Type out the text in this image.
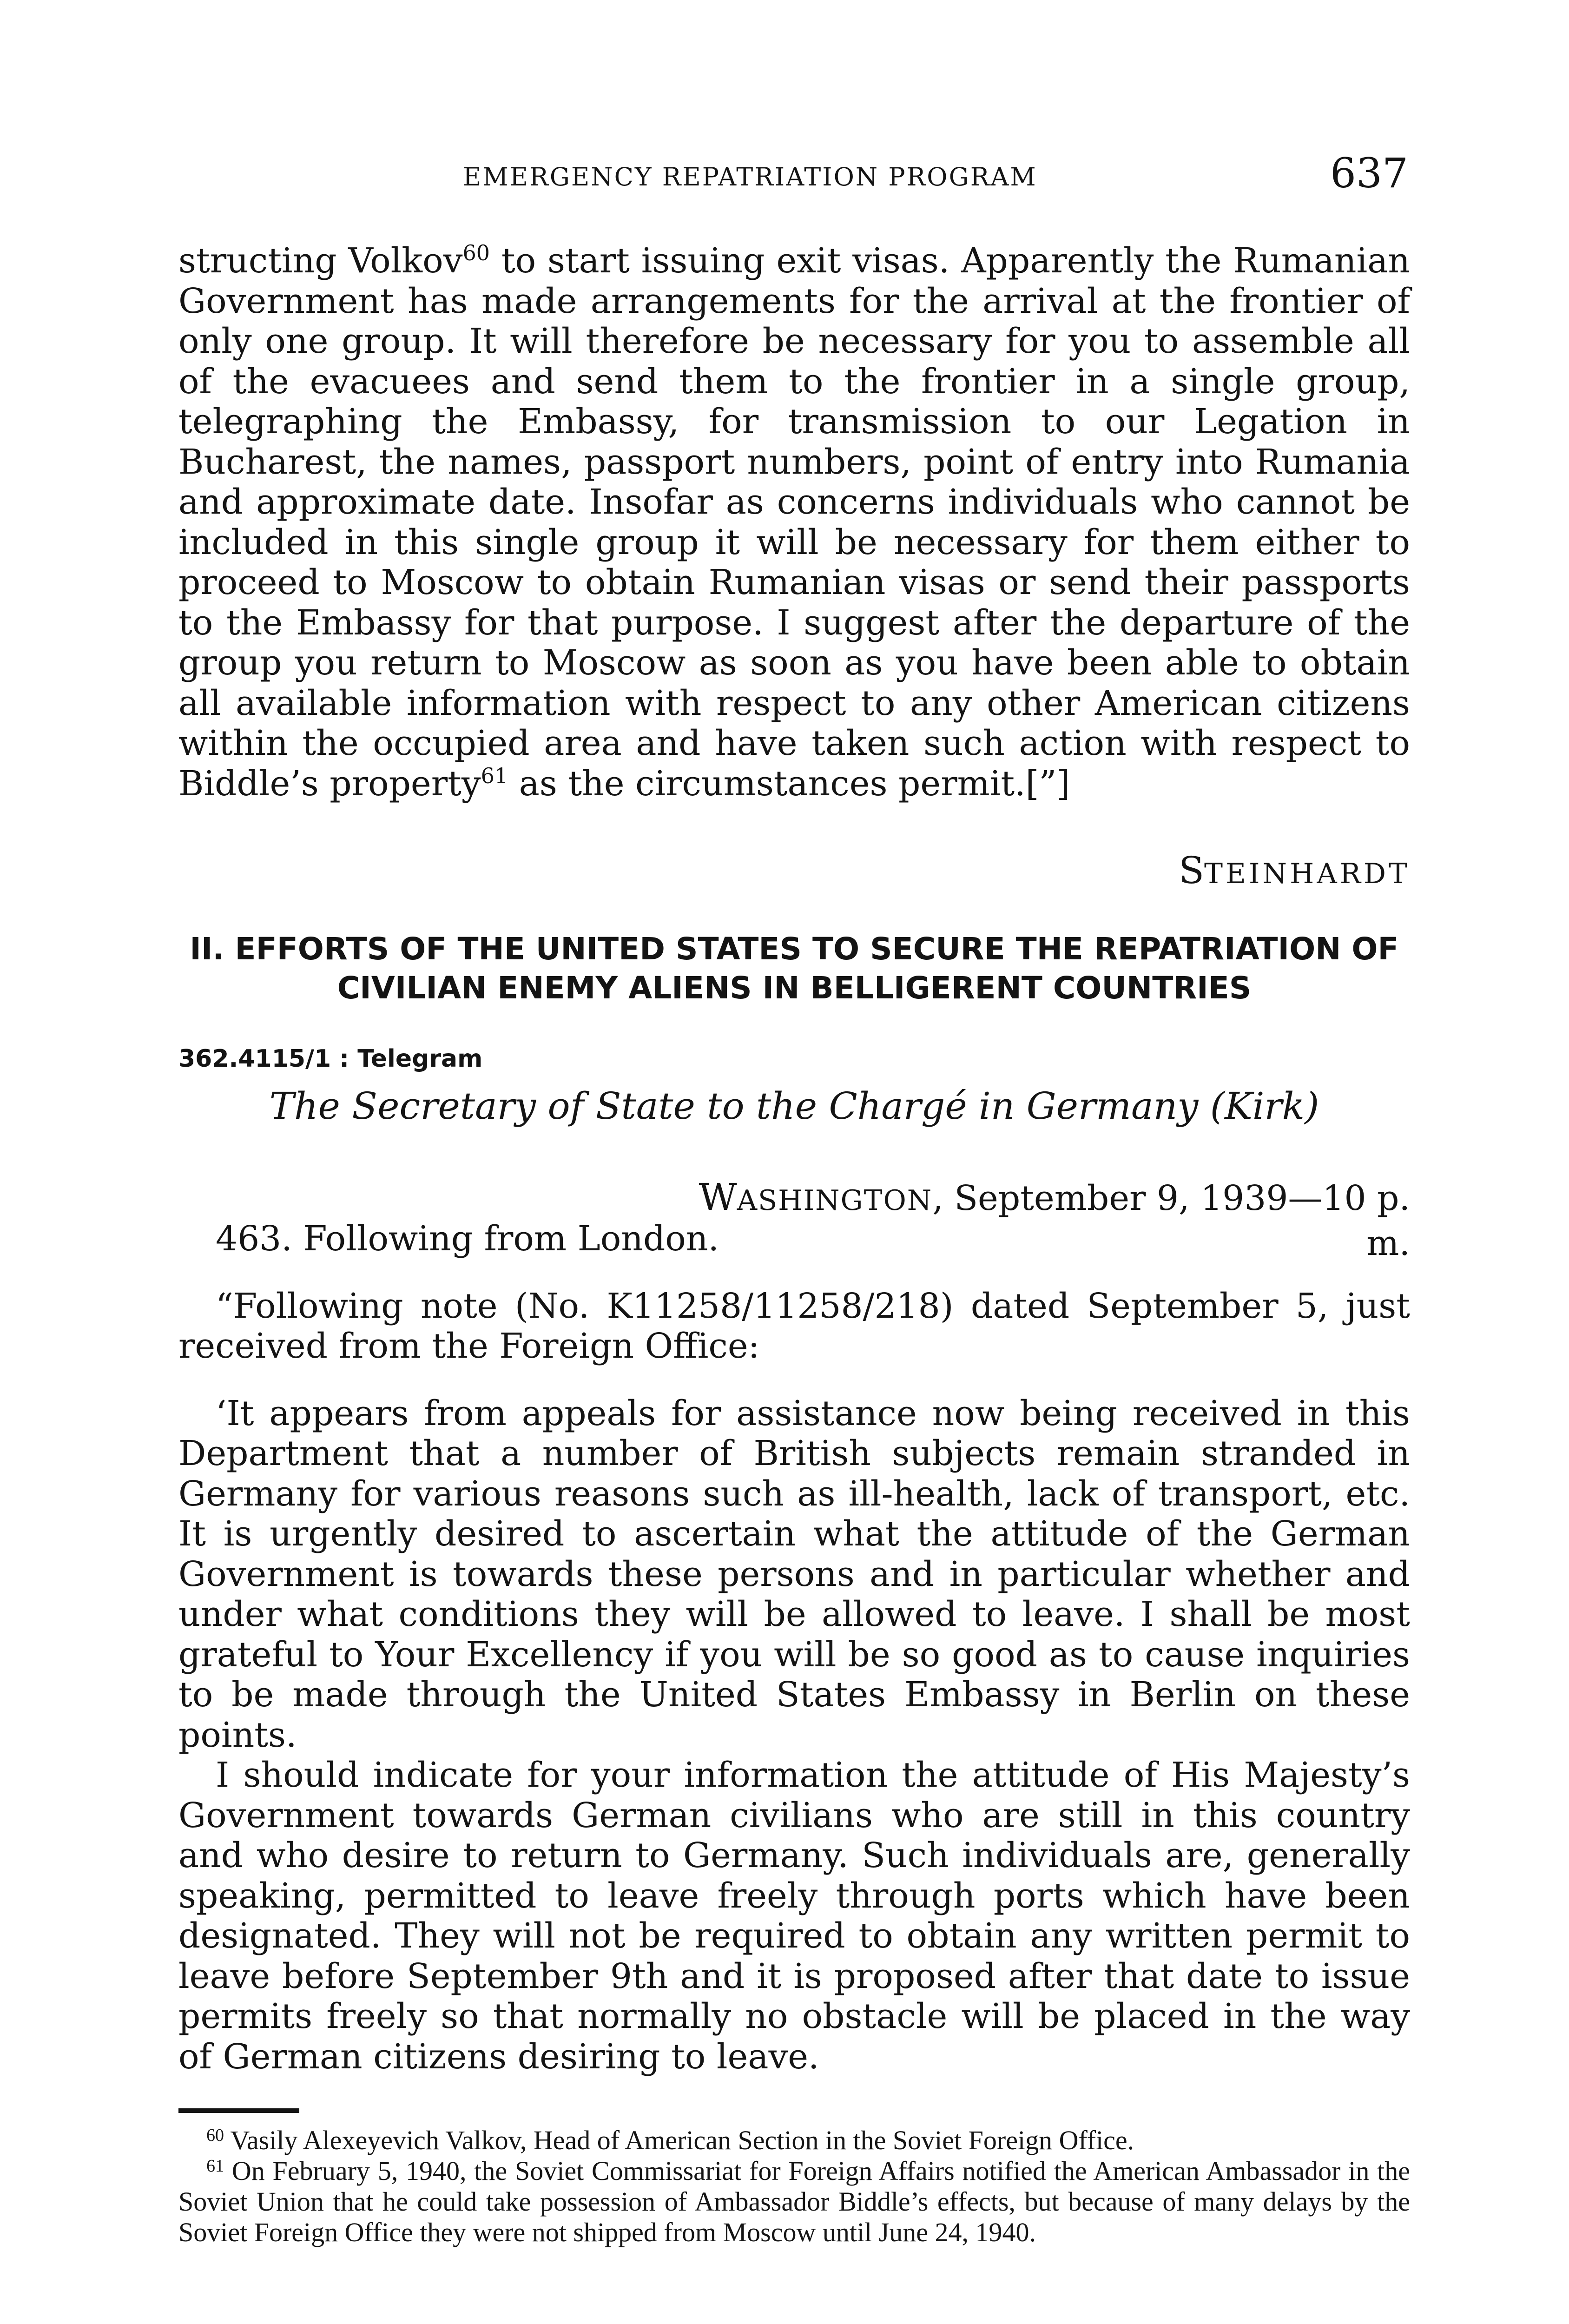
EMERGENCY REPATRIATION PROGRAM	637

structing Volkov$^{60}$ to start issuing exit visas. Apparently the Rumanian Government has made arrangements for the arrival at the frontier of only one group. It will therefore be necessary for you to assemble all of the evacuees and send them to the frontier in a single group, telegraphing the Embassy, for transmission to our Legation in Bucharest, the names, passport numbers, point of entry into Rumania and approximate date. Insofar as concerns individuals who cannot be included in this single group it will be necessary for them either to proceed to Moscow to obtain Rumanian visas or send their passports to the Embassy for that purpose. I suggest after the departure of the group you return to Moscow as soon as you have been able to obtain all available information with respect to any other American citizens within the occupied area and have taken such action with respect to Biddle’s property$^{61}$ as the circumstances permit.[”]

STEINHARDT
II. EFFORTS OF THE UNITED STATES TO SECURE THE REPATRIATION OF CIVILIAN ENEMY ALIENS IN BELLIGERENT COUNTRIES
362.4115/1 : Telegram
The Secretary of State to the Chargé in Germany (Kirk)
WASHINGTON, September 9, 1939—10 p. m.

463. Following from London.

“Following note (No. K11258/11258/218) dated September 5, just received from the Foreign Office:

‘It appears from appeals for assistance now being received in this Department that a number of British subjects remain stranded in Germany for various reasons such as ill-health, lack of transport, etc. It is urgently desired to ascertain what the attitude of the German Government is towards these persons and in particular whether and under what conditions they will be allowed to leave. I shall be most grateful to Your Excellency if you will be so good as to cause inquiries to be made through the United States Embassy in Berlin on these points.

I should indicate for your information the attitude of His Majesty’s Government towards German civilians who are still in this country and who desire to return to Germany. Such individuals are, generally speaking, permitted to leave freely through ports which have been designated. They will not be required to obtain any written permit to leave before September 9th and it is proposed after that date to issue permits freely so that normally no obstacle will be placed in the way of German citizens desiring to leave.

$^{60}$ Vasily Alexeyevich Valkov, Head of American Section in the Soviet Foreign Office.

$^{61}$ On February 5, 1940, the Soviet Commissariat for Foreign Affairs notified the American Ambassador in the Soviet Union that he could take possession of Ambassador Biddle’s effects, but because of many delays by the Soviet Foreign Office they were not shipped from Moscow until June 24, 1940.
